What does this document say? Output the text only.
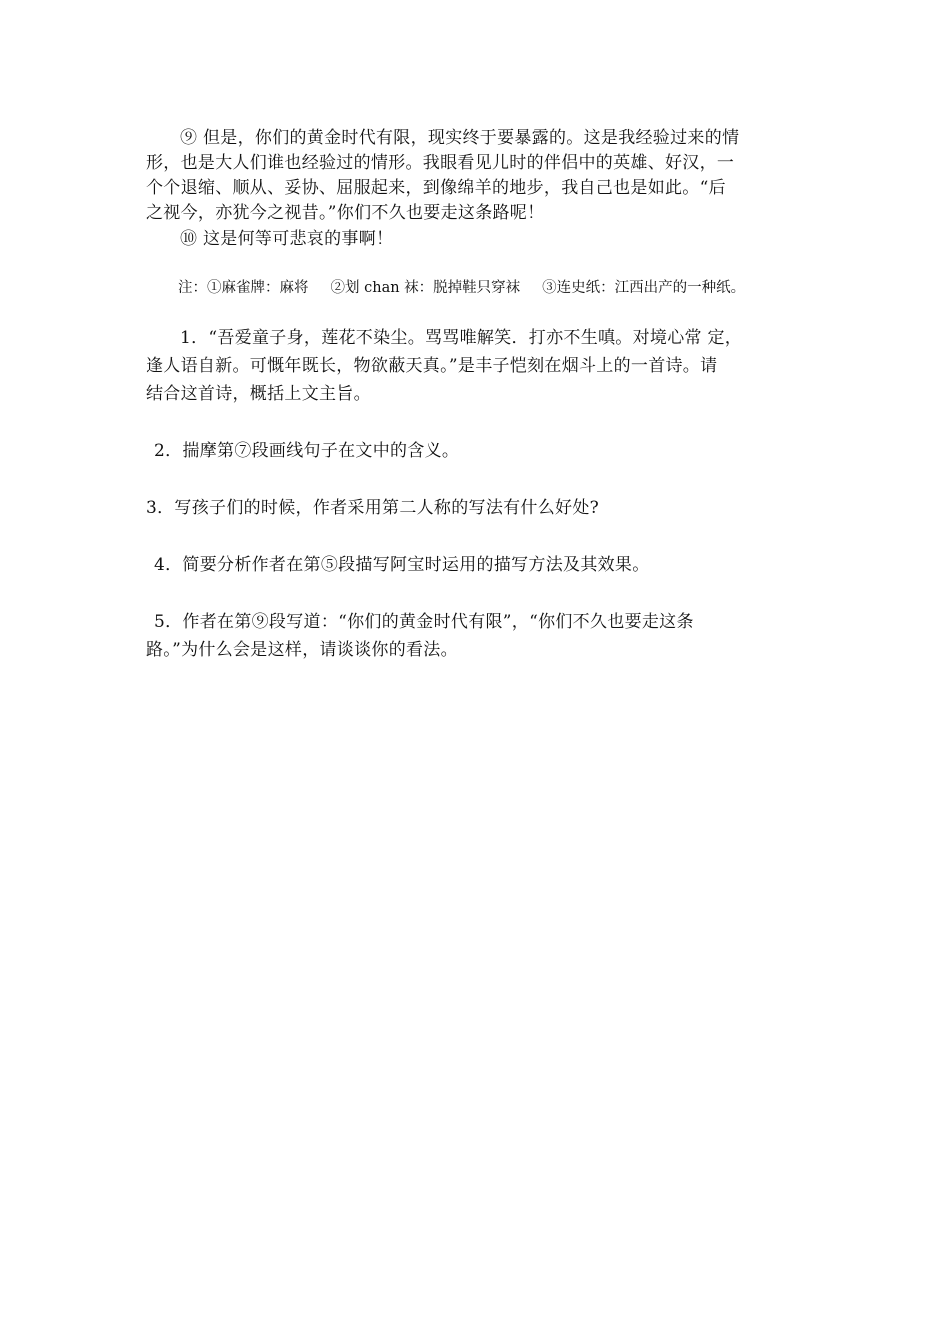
⑨ 但是，你们的黄金时代有限，现实终于要暴露的。这是我经验过来的情
形，也是大人们谁也经验过的情形。我眼看见儿时的伴侣中的英雄、好汉，一
个个退缩、顺从、妥协、屈服起来，到像绵羊的地步，我自己也是如此。“后
之视今，亦犹今之视昔。”你们不久也要走这条路呢！
⑩ 这是何等可悲哀的事啊！
注：①麻雀牌：麻将 ②划 chan 袜：脱掉鞋只穿袜 ③连史纸：江西出产的一种纸。
1．“吾爱童子身，莲花不染尘。骂骂唯解笑．打亦不生嗔。对境心常 定，
逢人语自新。可慨年既长，物欲蔽天真。”是丰子恺刻在烟斗上的一首诗。请
结合这首诗，概括上文主旨。
2．揣摩第⑦段画线句子在文中的含义。
3．写孩子们的时候，作者采用第二人称的写法有什么好处?
4．简要分析作者在第⑤段描写阿宝时运用的描写方法及其效果。
5．作者在第⑨段写道：“你们的黄金时代有限”，“你们不久也要走这条
路。”为什么会是这样，请谈谈你的看法。
